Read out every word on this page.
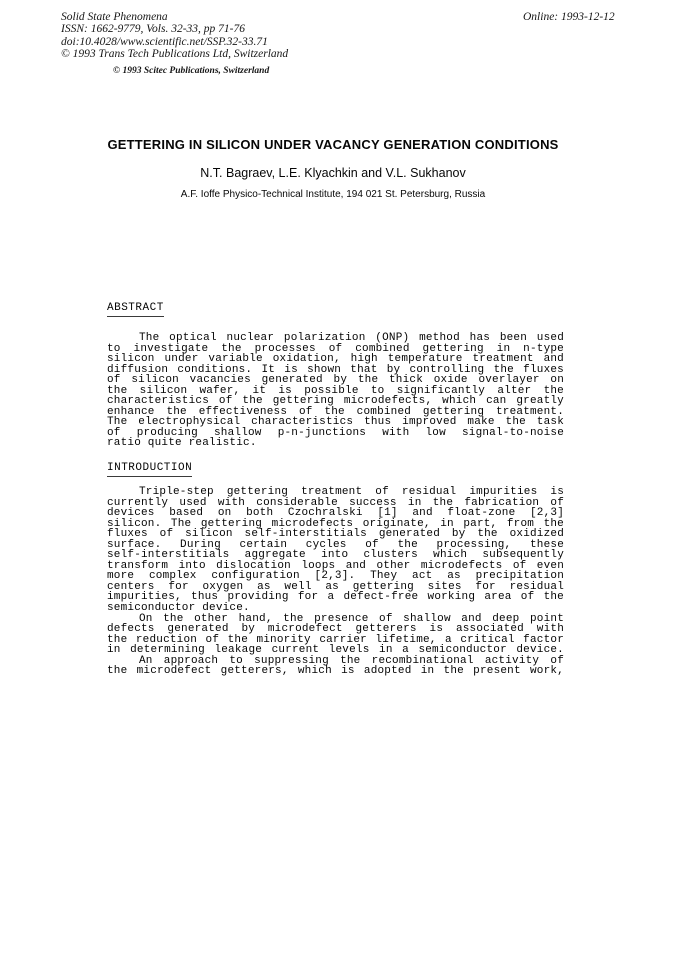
Solid State Phenomena
ISSN: 1662-9779, Vols. 32-33, pp 71-76
doi:10.4028/www.scientific.net/SSP.32-33.71
© 1993 Trans Tech Publications Ltd, Switzerland
Online: 1993-12-12
© 1993 Scitec Publications, Switzerland
GETTERING IN SILICON UNDER VACANCY GENERATION CONDITIONS
N.T. Bagraev, L.E. Klyachkin and V.L. Sukhanov
A.F. Ioffe Physico-Technical Institute, 194 021 St. Petersburg, Russia
ABSTRACT
The optical nuclear polarization (ONP) method has been used
to investigate the processes of combined gettering in n-type
silicon under variable oxidation, high temperature treatment and
diffusion conditions. It is shown that by controlling the fluxes
of silicon vacancies generated by the thick oxide overlayer on
the silicon wafer, it is possible to significantly alter the
characteristics of the gettering microdefects, which can greatly
enhance the effectiveness of the combined gettering treatment.
The electrophysical characteristics thus improved make the task
of producing shallow p-n-junctions with low signal-to-noise
ratio quite realistic.
INTRODUCTION
Triple-step gettering treatment of residual impurities is
currently used with considerable success in the fabrication of
devices based on both Czochralski [1] and float-zone [2,3]
silicon. The gettering microdefects originate, in part, from the
fluxes of silicon self-interstitials generated by the oxidized
surface. During certain cycles of the processing, these
self-interstitials aggregate into clusters which subsequently
transform into dislocation loops and other microdefects of even
more complex configuration [2,3]. They act as precipitation
centers for oxygen as well as gettering sites for residual
impurities, thus providing for a defect-free working area of the
semiconductor device.
On the other hand, the presence of shallow and deep point
defects generated by microdefect getterers is associated with
the reduction of the minority carrier lifetime, a critical factor
in determining leakage current levels in a semiconductor device.
An approach to suppressing the recombinational activity of
the microdefect getterers, which is adopted in the present work,
